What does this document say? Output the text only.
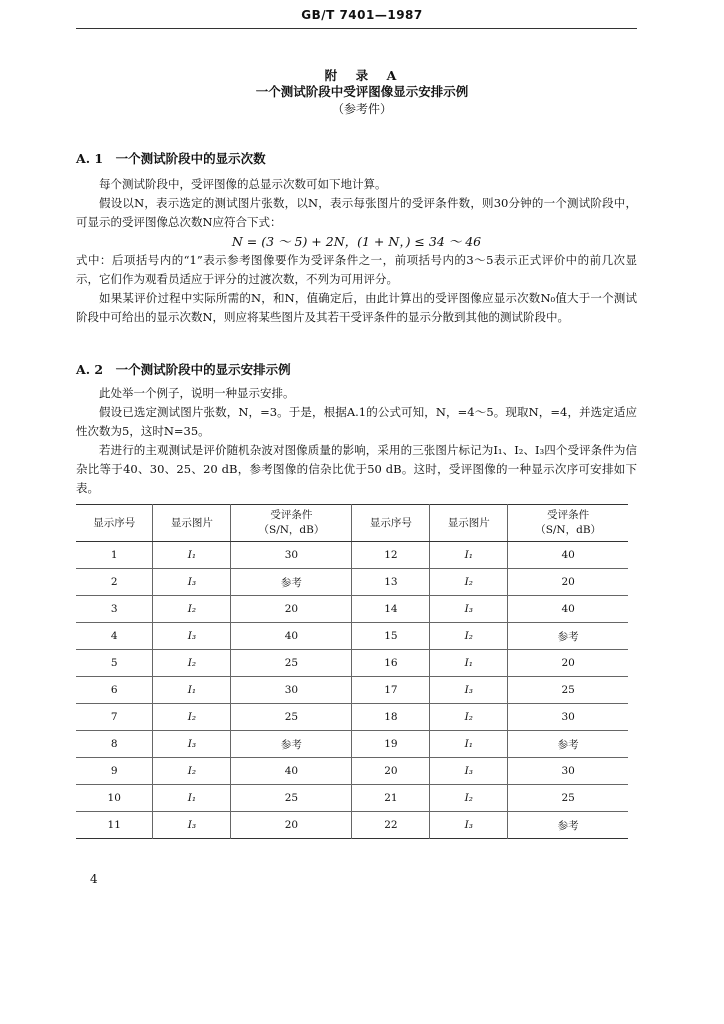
GB/T 7401—1987
附　录　A
一个测试阶段中受评图像显示安排示例
（参考件）
A. 1　一个测试阶段中的显示次数

每个测试阶段中，受评图像的总显示次数可如下地计算。

假设以N，表示选定的测试图片张数，以N，表示每张图片的受评条件数，则30分钟的一个测试阶段中，可显示的受评图像总次数N应符合下式：

N = (3 ～ 5) + 2N，(1 + N，) ≤ 34 ～ 46

式中：后项括号内的“1”表示参考图像要作为受评条件之一，前项括号内的3～5表示正式评价中的前几次显示，它们作为观看员适应于评分的过渡次数，不列为可用评分。

如果某评价过程中实际所需的N，和N，值确定后，由此计算出的受评图像应显示次数N₀值大于一个测试阶段中可给出的显示次数N，则应将某些图片及其若干受评条件的显示分散到其他的测试阶段中。

A. 2　一个测试阶段中的显示安排示例

此处举一个例子，说明一种显示安排。

假设已选定测试图片张数，N，=3。于是，根据A.1的公式可知，N，=4～5。现取N，=4，并选定适应性次数为5，这时N=35。

若进行的主观测试是评价随机杂波对图像质量的影响，采用的三张图片标记为I₁、I₂、I₃四个受评条件为信杂比等于40、30、25、20 dB，参考图像的信杂比优于50 dB。这时，受评图像的一种显示次序可安排如下表。

显示序号	显示图片	受评条件
（S/N，dB）	显示序号	显示图片	受评条件
（S/N，dB）
1	I₁	30	12	I₁	40
2	I₃	参考	13	I₂	20
3	I₂	20	14	I₃	40
4	I₃	40	15	I₂	参考
5	I₂	25	16	I₁	20
6	I₁	30	17	I₃	25
7	I₂	25	18	I₂	30
8	I₃	参考	19	I₁	参考
9	I₂	40	20	I₃	30
10	I₁	25	21	I₂	25
11	I₃	20	22	I₃	参考
4
